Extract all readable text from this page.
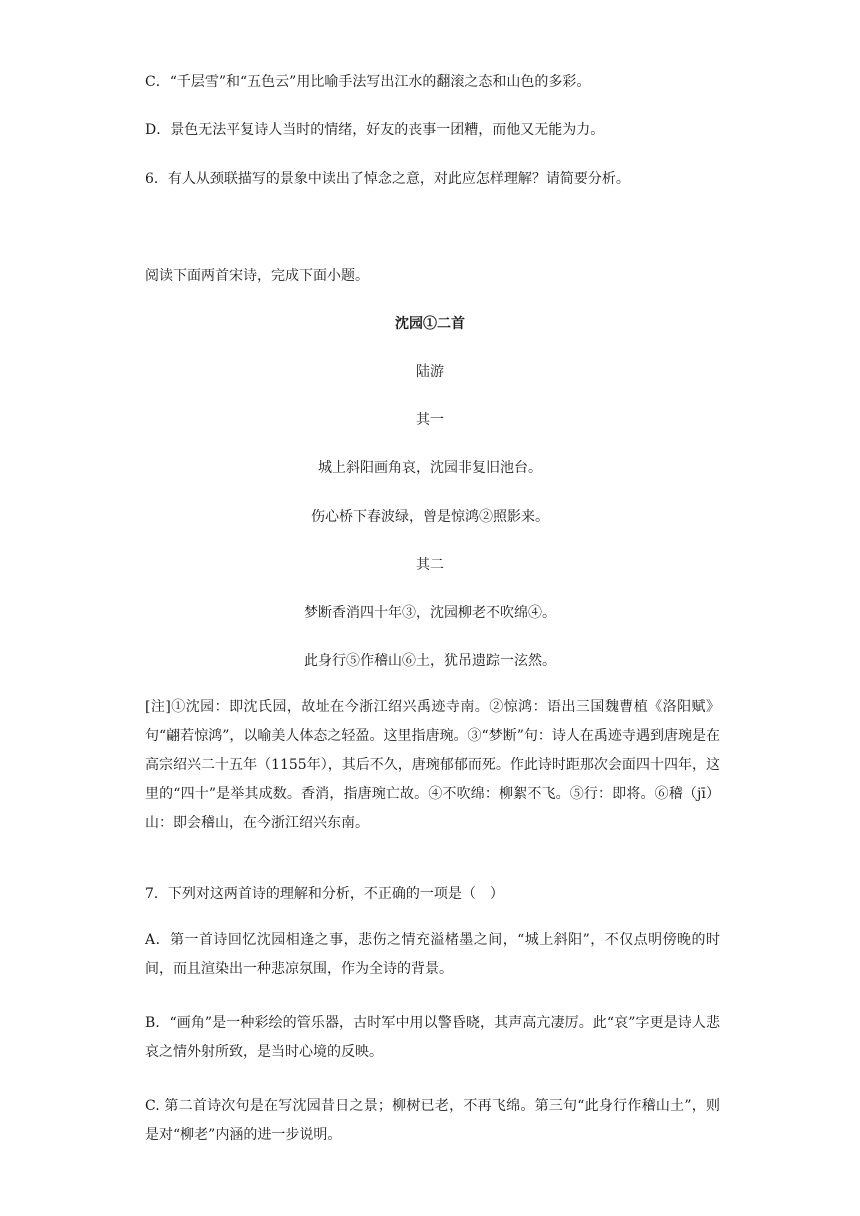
C．“千层雪”和“五色云”用比喻手法写出江水的翻滚之态和山色的多彩。
D．景色无法平复诗人当时的情绪，好友的丧事一团糟，而他又无能为力。
6．有人从颈联描写的景象中读出了悼念之意，对此应怎样理解？请简要分析。
阅读下面两首宋诗，完成下面小题。
沈园①二首
陆游
其一
城上斜阳画角哀，沈园非复旧池台。
伤心桥下春波绿，曾是惊鸿②照影来。
其二
梦断香消四十年③，沈园柳老不吹绵④。
此身行⑤作稽山⑥土，犹吊遗踪一泫然。
[注]①沈园：即沈氏园，故址在今浙江绍兴禹迹寺南。②惊鸿：语出三国魏曹植《洛阳赋》句“翩若惊鸿”，以喻美人体态之轻盈。这里指唐琬。③“梦断”句：诗人在禹迹寺遇到唐琬是在高宗绍兴二十五年（1155年），其后不久，唐琬郁郁而死。作此诗时距那次会面四十四年，这里的“四十”是举其成数。香消，指唐琬亡故。④不吹绵：柳絮不飞。⑤行：即将。⑥稽（jī）山：即会稽山，在今浙江绍兴东南。
7．下列对这两首诗的理解和分析，不正确的一项是（　）
A．第一首诗回忆沈园相逢之事，悲伤之情充溢楮墨之间，“城上斜阳”，不仅点明傍晚的时间，而且渲染出一种悲凉氛围，作为全诗的背景。
B．“画角”是一种彩绘的管乐器，古时军中用以警昏晓，其声高亢凄厉。此“哀”字更是诗人悲哀之情外射所致，是当时心境的反映。
C. 第二首诗次句是在写沈园昔日之景；柳树已老，不再飞绵。第三句“此身行作稽山土”，则是对“柳老”内涵的进一步说明。
